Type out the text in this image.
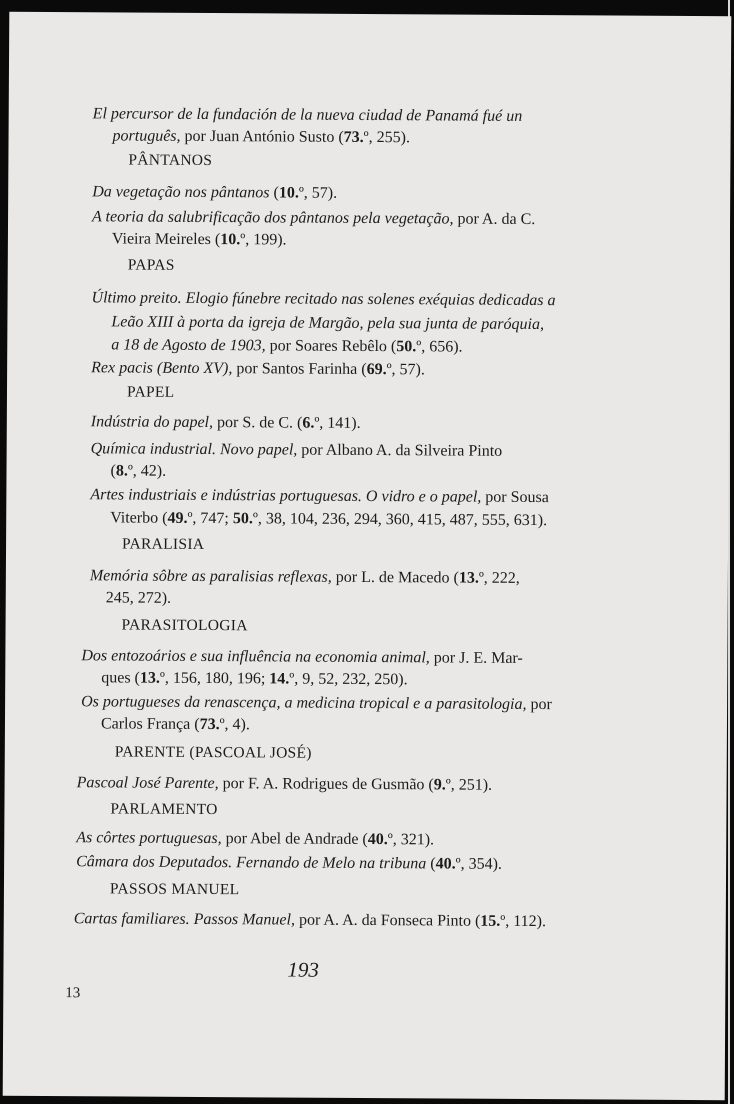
El percursor de la fundación de la nueva ciudad de Panamá fué un
português, por Juan António Susto (73.º, 255).
PÂNTANOS
Da vegetação nos pântanos (10.º, 57).
A teoria da salubrificação dos pântanos pela vegetação, por A. da C.
Vieira Meireles (10.º, 199).
PAPAS
Último preito. Elogio fúnebre recitado nas solenes exéquias dedicadas a
Leão XIII à porta da igreja de Margão, pela sua junta de paróquia,
a 18 de Agosto de 1903, por Soares Rebêlo (50.º, 656).
Rex pacis (Bento XV), por Santos Farinha (69.º, 57).
PAPEL
Indústria do papel, por S. de C. (6.º, 141).
Química industrial. Novo papel, por Albano A. da Silveira Pinto
(8.º, 42).
Artes industriais e indústrias portuguesas. O vidro e o papel, por Sousa
Viterbo (49.º, 747; 50.º, 38, 104, 236, 294, 360, 415, 487, 555, 631).
PARALISIA
Memória sôbre as paralisias reflexas, por L. de Macedo (13.º, 222,
245, 272).
PARASITOLOGIA
Dos entozoários e sua influência na economia animal, por J. E. Mar-
ques (13.º, 156, 180, 196; 14.º, 9, 52, 232, 250).
Os portugueses da renascença, a medicina tropical e a parasitologia, por
Carlos França (73.º, 4).
PARENTE (PASCOAL JOSÉ)
Pascoal José Parente, por F. A. Rodrigues de Gusmão (9.º, 251).
PARLAMENTO
As côrtes portuguesas, por Abel de Andrade (40.º, 321).
Câmara dos Deputados. Fernando de Melo na tribuna (40.º, 354).
PASSOS MANUEL
Cartas familiares. Passos Manuel, por A. A. da Fonseca Pinto (15.º, 112).
193
13
